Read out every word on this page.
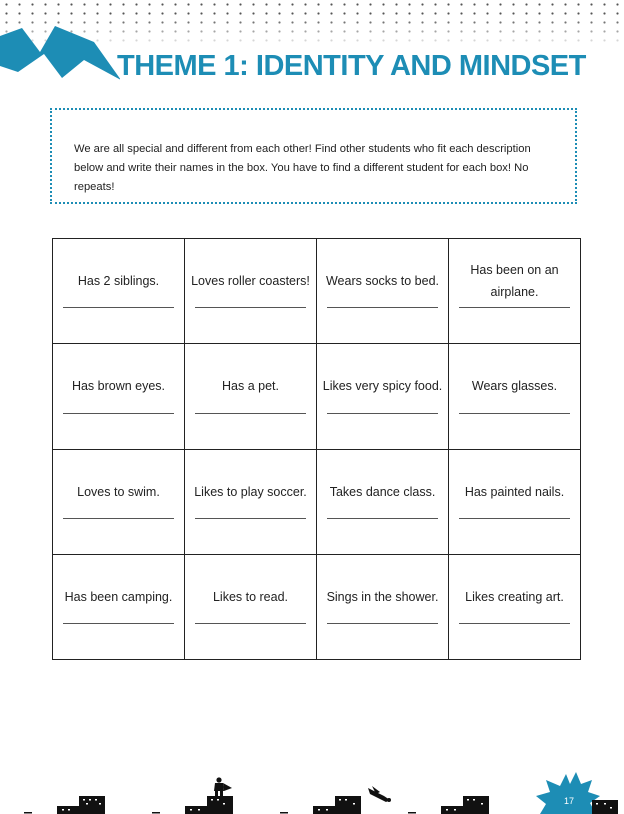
THEME 1: IDENTITY AND MINDSET

We are all special and different from each other! Find other students who fit each description below and write their names in the box. You have to find a different student for each box! No repeats!

Has 2 siblings.	Loves roller coasters!	Wears socks to bed.	Has been on an airplane.

Has brown eyes.	Has a pet.	Likes very spicy food.	Wears glasses.

Loves to swim.	Likes to play soccer.	Takes dance class.	Has painted nails.

Has been camping.	Likes to read.	Sings in the shower.	Likes creating art.
17
